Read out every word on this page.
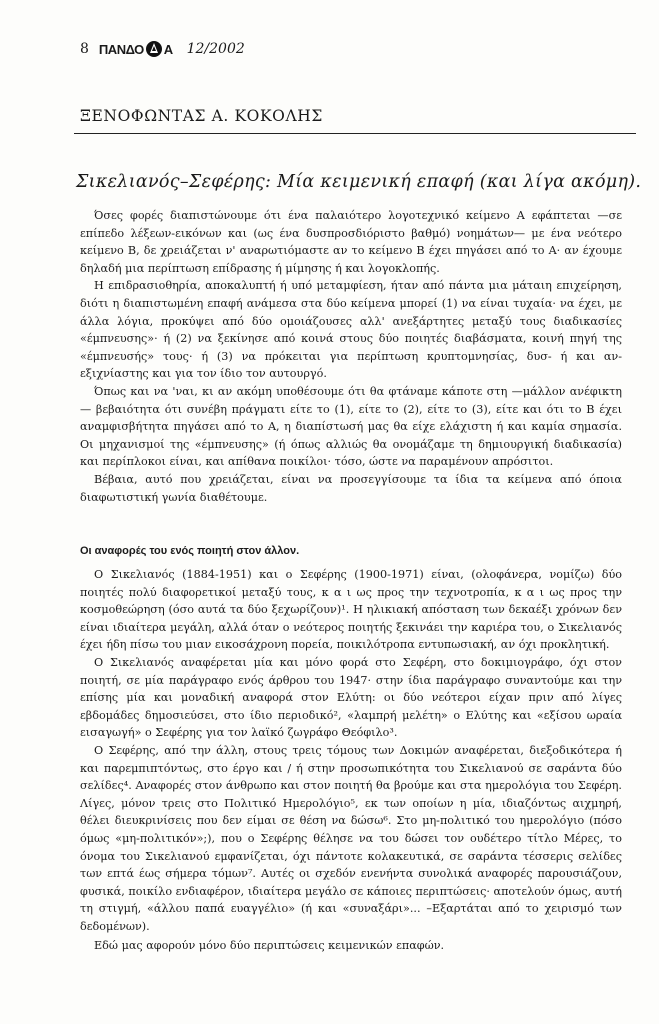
8 ΠΑΝΔΟ Α 12/2002
ΞΕΝΟΦΩΝΤΑΣ Α. ΚΟΚΟΛΗΣ
Σικελιανός–Σεφέρης: Μία κειμενική επαφή (και λίγα ακόμη).

Όσες φορές διαπιστώνουμε ότι ένα παλαιότερο λογοτεχνικό κείμενο Α εφάπτεται —σε επίπεδο λέξεων-εικόνων και (ως ένα δυσπροσδιόριστο βαθμό) νοημάτων— με ένα νεότερο κείμενο Β, δε χρειάζεται ν' αναρωτιόμαστε αν το κείμενο Β έχει πηγάσει από το Α· αν έχουμε δηλαδή μια περίπτωση επίδρασης ή μίμησης ή και λογοκλοπής.

Η επιδρασιοθηρία, αποκαλυπτή ή υπό μεταμφίεση, ήταν από πάντα μια μάταιη επιχείρηση, διότι η διαπιστωμένη επαφή ανάμεσα στα δύο κείμενα μπορεί (1) να είναι τυχαία· να έχει, με άλλα λόγια, προκύψει από δύο ομοιάζουσες αλλ' ανεξάρτητες μεταξύ τους διαδικασίες «έμπνευσης»· ή (2) να ξεκίνησε από κοινά στους δύο ποιητές διαβάσματα, κοινή πηγή της «έμπνευσής» τους· ή (3) να πρόκειται για περίπτωση κρυπτομνησίας, δυσ- ή και αν-εξιχνίαστης και για τον ίδιο τον αυτουργό.

Όπως και να 'ναι, κι αν ακόμη υποθέσουμε ότι θα φτάναμε κάποτε στη —μάλλον ανέφικτη— βεβαιότητα ότι συνέβη πράγματι είτε το (1), είτε το (2), είτε το (3), είτε και ότι το Β έχει αναμφισβήτητα πηγάσει από το Α, η διαπίστωσή μας θα είχε ελάχιστη ή και καμία σημασία. Οι μηχανισμοί της «έμπνευσης» (ή όπως αλλιώς θα ονομάζαμε τη δημιουργική διαδικασία) και περίπλοκοι είναι, και απίθανα ποικίλοι· τόσο, ώστε να παραμένουν απρόσιτοι.

Βέβαια, αυτό που χρειάζεται, είναι να προσεγγίσουμε τα ίδια τα κείμενα από όποια διαφωτιστική γωνία διαθέτουμε.

Οι αναφορές του ενός ποιητή στον άλλον.

Ο Σικελιανός (1884-1951) και ο Σεφέρης (1900-1971) είναι, (ολοφάνερα, νομίζω) δύο ποιητές πολύ διαφορετικοί μεταξύ τους, κ α ι ως προς την τεχνοτροπία, κ α ι ως προς την κοσμοθεώρηση (όσο αυτά τα δύο ξεχωρίζουν)¹. Η ηλικιακή απόσταση των δεκαέξι χρόνων δεν είναι ιδιαίτερα μεγάλη, αλλά όταν ο νεότερος ποιητής ξεκινάει την καριέρα του, ο Σικελιανός έχει ήδη πίσω του μιαν εικοσάχρονη πορεία, ποικιλότροπα εντυπωσιακή, αν όχι προκλητική.

Ο Σικελιανός αναφέρεται μία και μόνο φορά στο Σεφέρη, στο δοκιμιογράφο, όχι στον ποιητή, σε μία παράγραφο ενός άρθρου του 1947· στην ίδια παράγραφο συναντούμε και την επίσης μία και μοναδική αναφορά στον Ελύτη: οι δύο νεότεροι είχαν πριν από λίγες εβδομάδες δημοσιεύσει, στο ίδιο περιοδικό², «λαμπρή μελέτη» ο Ελύτης και «εξίσου ωραία εισαγωγή» ο Σεφέρης για τον λαϊκό ζωγράφο Θεόφιλο³.

Ο Σεφέρης, από την άλλη, στους τρεις τόμους των Δοκιμών αναφέρεται, διεξοδικότερα ή και παρεμπιπτόντως, στο έργο και / ή στην προσωπικότητα του Σικελιανού σε σαράντα δύο σελίδες⁴. Αναφορές στον άνθρωπο και στον ποιητή θα βρούμε και στα ημερολόγια του Σεφέρη. Λίγες, μόνον τρεις στο Πολιτικό Ημερολόγιο⁵, εκ των οποίων η μία, ιδιαζόντως αιχμηρή, θέλει διευκρινίσεις που δεν είμαι σε θέση να δώσω⁶. Στο μη-πολιτικό του ημερολόγιο (πόσο όμως «μη-πολιτικόν»;), που ο Σεφέρης θέλησε να του δώσει τον ουδέτερο τίτλο Μέρες, το όνομα του Σικελιανού εμφανίζεται, όχι πάντοτε κολακευτικά, σε σαράντα τέσσερις σελίδες των επτά έως σήμερα τόμων⁷. Αυτές οι σχεδόν ενενήντα συνολικά αναφορές παρουσιάζουν, φυσικά, ποικίλο ενδιαφέρον, ιδιαίτερα μεγάλο σε κάποιες περιπτώσεις· αποτελούν όμως, αυτή τη στιγμή, «άλλου παπά ευαγγέλιο» (ή και «συναξάρι»... –Εξαρτάται από το χειρισμό των δεδομένων).

Εδώ μας αφορούν μόνο δύο περιπτώσεις κειμενικών επαφών.
